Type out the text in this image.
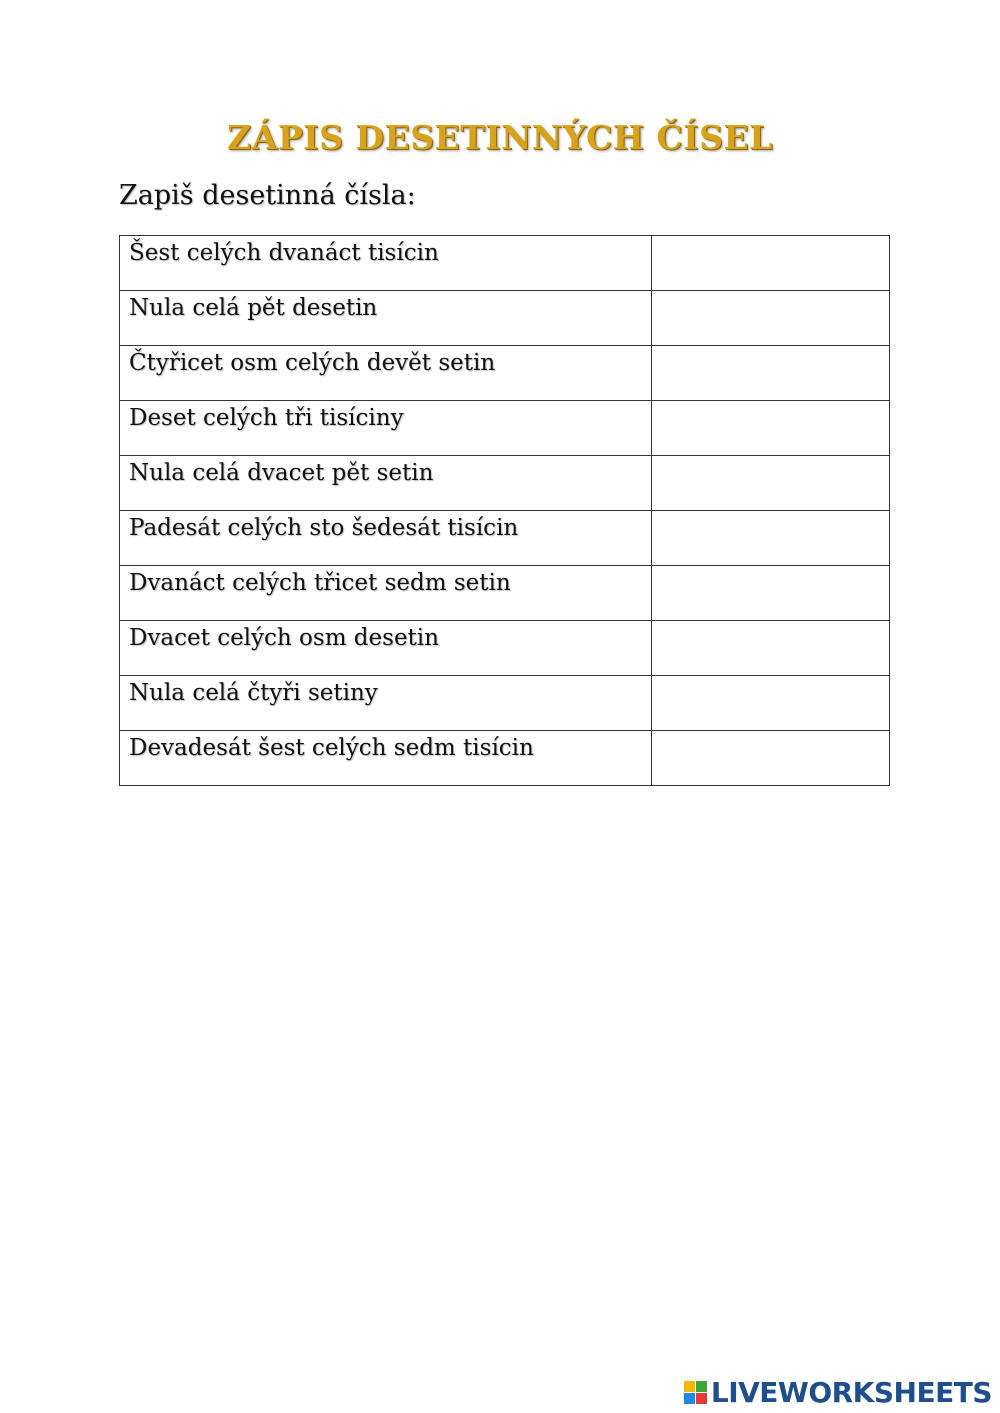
ZÁPIS DESETINNÝCH ČÍSEL
Zapiš desetinná čísla:
Šest celých dvanáct tisícin	
Nula celá pět desetin	
Čtyřicet osm celých devět setin	
Deset celých tři tisíciny	
Nula celá dvacet pět setin	
Padesát celých sto šedesát tisícin	
Dvanáct celých třicet sedm setin	
Dvacet celých osm desetin	
Nula celá čtyři setiny	
Devadesát šest celých sedm tisícin	
LIVEWORKSHEETS
